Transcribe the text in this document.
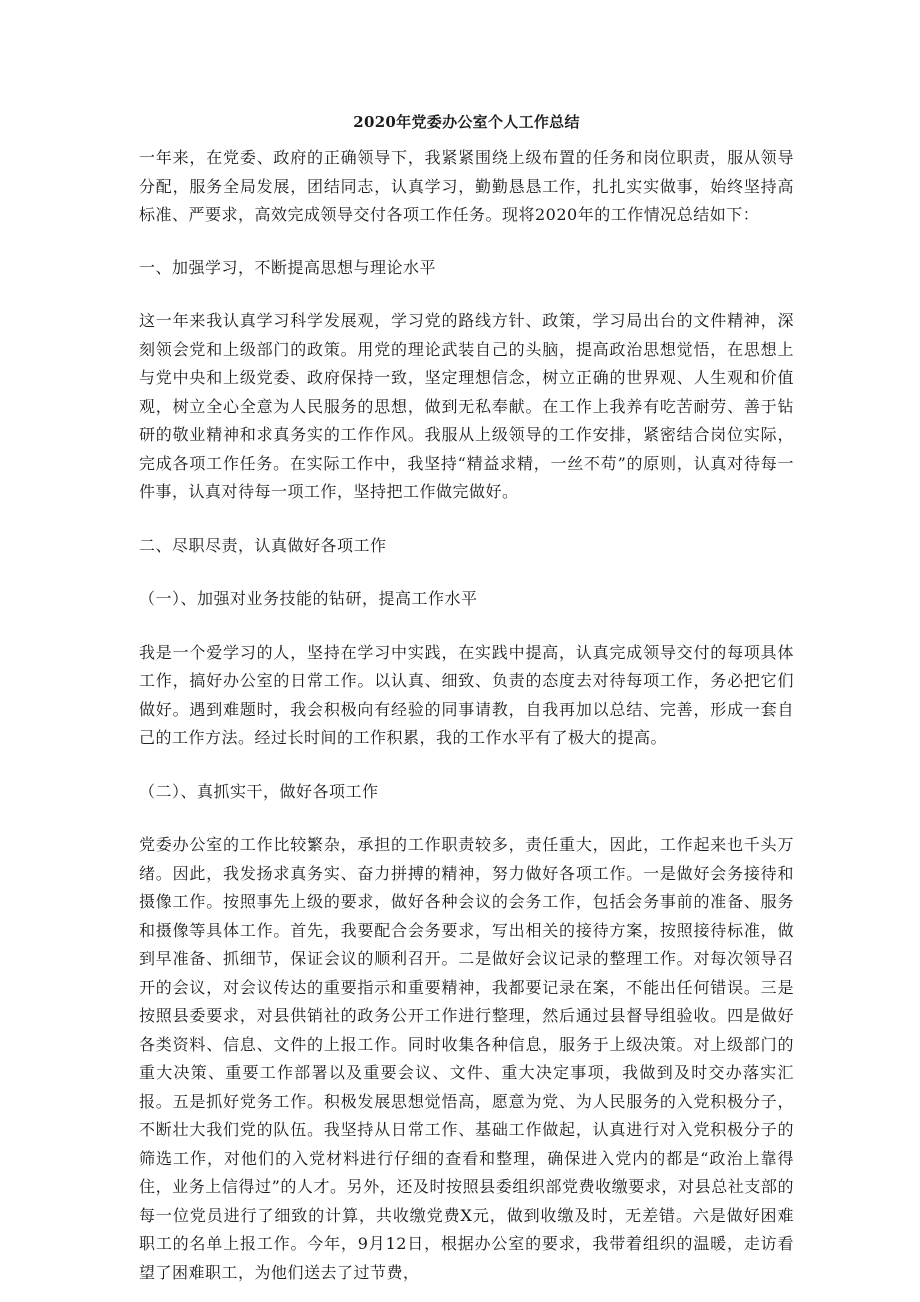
2020年党委办公室个人工作总结

一年来，在党委、政府的正确领导下，我紧紧围绕上级布置的任务和岗位职责，服从领导分配，服务全局发展，团结同志，认真学习，勤勤恳恳工作，扎扎实实做事，始终坚持高标准、严要求，高效完成领导交付各项工作任务。现将2020年的工作情况总结如下：

一、加强学习，不断提高思想与理论水平

这一年来我认真学习科学发展观，学习党的路线方针、政策，学习局出台的文件精神，深刻领会党和上级部门的政策。用党的理论武装自己的头脑，提高政治思想觉悟，在思想上与党中央和上级党委、政府保持一致，坚定理想信念，树立正确的世界观、人生观和价值观，树立全心全意为人民服务的思想，做到无私奉献。在工作上我养有吃苦耐劳、善于钻研的敬业精神和求真务实的工作作风。我服从上级领导的工作安排，紧密结合岗位实际，完成各项工作任务。在实际工作中，我坚持“精益求精，一丝不苟”的原则，认真对待每一件事，认真对待每一项工作，坚持把工作做完做好。

二、尽职尽责，认真做好各项工作

（一）、加强对业务技能的钻研，提高工作水平

我是一个爱学习的人，坚持在学习中实践，在实践中提高，认真完成领导交付的每项具体工作，搞好办公室的日常工作。以认真、细致、负责的态度去对待每项工作，务必把它们做好。遇到难题时，我会积极向有经验的同事请教，自我再加以总结、完善，形成一套自己的工作方法。经过长时间的工作积累，我的工作水平有了极大的提高。

（二）、真抓实干，做好各项工作

党委办公室的工作比较繁杂，承担的工作职责较多，责任重大，因此，工作起来也千头万绪。因此，我发扬求真务实、奋力拼搏的精神，努力做好各项工作。一是做好会务接待和摄像工作。按照事先上级的要求，做好各种会议的会务工作，包括会务事前的准备、服务和摄像等具体工作。首先，我要配合会务要求，写出相关的接待方案，按照接待标准，做到早准备、抓细节，保证会议的顺利召开。二是做好会议记录的整理工作。对每次领导召开的会议，对会议传达的重要指示和重要精神，我都要记录在案，不能出任何错误。三是按照县委要求，对县供销社的政务公开工作进行整理，然后通过县督导组验收。四是做好各类资料、信息、文件的上报工作。同时收集各种信息，服务于上级决策。对上级部门的重大决策、重要工作部署以及重要会议、文件、重大决定事项，我做到及时交办落实汇报。五是抓好党务工作。积极发展思想觉悟高，愿意为党、为人民服务的入党积极分子，不断壮大我们党的队伍。我坚持从日常工作、基础工作做起，认真进行对入党积极分子的筛选工作，对他们的入党材料进行仔细的查看和整理，确保进入党内的都是“政治上靠得住，业务上信得过”的人才。另外，还及时按照县委组织部党费收缴要求，对县总社支部的每一位党员进行了细致的计算，共收缴党费X元，做到收缴及时，无差错。六是做好困难职工的名单上报工作。今年，9月12日，根据办公室的要求，我带着组织的温暖，走访看望了困难职工，为他们送去了过节费，
